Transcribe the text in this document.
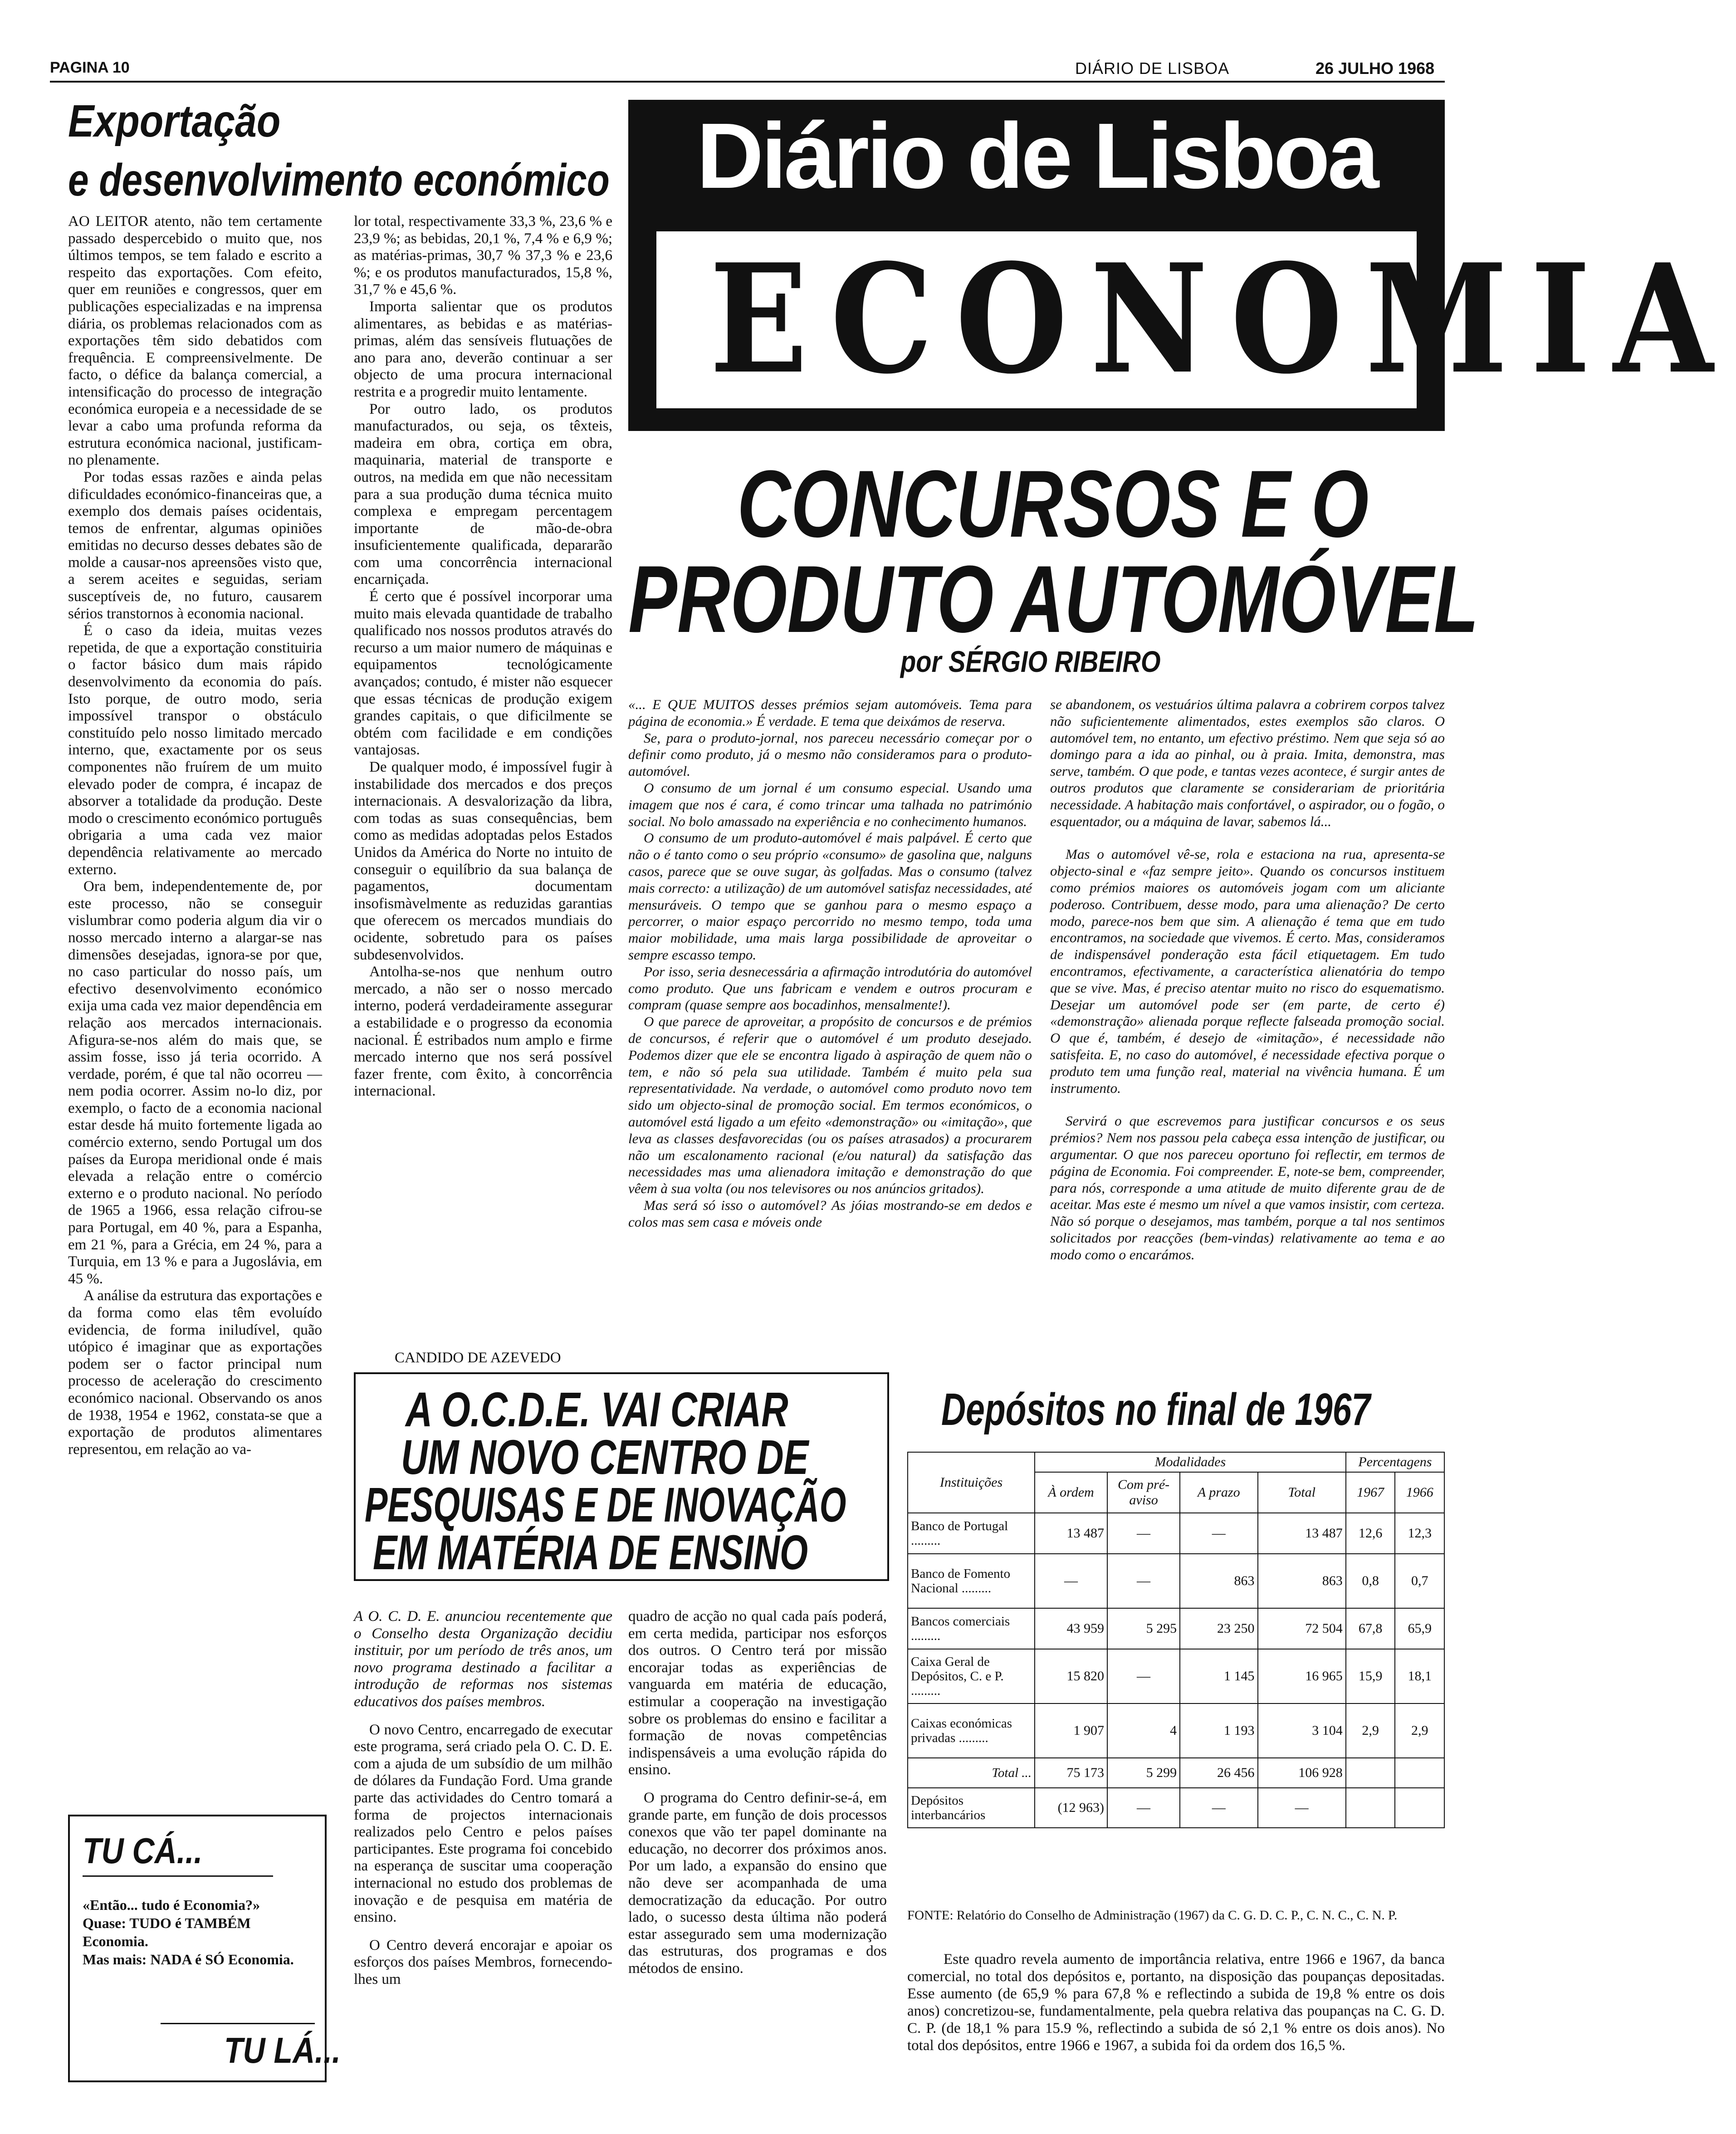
PAGINA 10	DIÁRIO DE LISBOA	26 JULHO 1968
Exportação
e desenvolvimento económico

AO LEITOR atento, não tem certamente passado despercebido o muito que, nos últimos tempos, se tem falado e escrito a respeito das exportações. Com efeito, quer em reuniões e congressos, quer em publicações especializadas e na imprensa diária, os problemas relacionados com as exportações têm sido debatidos com frequência. E compreensivelmente. De facto, o défice da balança comercial, a intensificação do processo de integração económica europeia e a necessidade de se levar a cabo uma profunda reforma da estrutura económica nacional, justificam-no plenamente.

Por todas essas razões e ainda pelas dificuldades económico-financeiras que, a exemplo dos demais países ocidentais, temos de enfrentar, algumas opiniões emitidas no decurso desses debates são de molde a causar-nos apreensões visto que, a serem aceites e seguidas, seriam susceptíveis de, no futuro, causarem sérios transtornos à economia nacional.

É o caso da ideia, muitas vezes repetida, de que a exportação constituiria o factor básico dum mais rápido desenvolvimento da economia do país. Isto porque, de outro modo, seria impossível transpor o obstáculo constituído pelo nosso limitado mercado interno, que, exactamente por os seus componentes não fruírem de um muito elevado poder de compra, é incapaz de absorver a totalidade da produção. Deste modo o crescimento económico português obrigaria a uma cada vez maior dependência relativamente ao mercado externo.

Ora bem, independentemente de, por este processo, não se conseguir vislumbrar como poderia algum dia vir o nosso mercado interno a alargar-se nas dimensões desejadas, ignora-se por que, no caso particular do nosso país, um efectivo desenvolvimento económico exija uma cada vez maior dependência em relação aos mercados internacionais. Afigura-se-nos além do mais que, se assim fosse, isso já teria ocorrido. A verdade, porém, é que tal não ocorreu — nem podia ocorrer. Assim no-lo diz, por exemplo, o facto de a economia nacional estar desde há muito fortemente ligada ao comércio externo, sendo Portugal um dos países da Europa meridional onde é mais elevada a relação entre o comércio externo e o produto nacional. No período de 1965 a 1966, essa relação cifrou-se para Portugal, em 40 %, para a Espanha, em 21 %, para a Grécia, em 24 %, para a Turquia, em 13 % e para a Jugoslávia, em 45 %.

A análise da estrutura das exportações e da forma como elas têm evoluído evidencia, de forma iniludível, quão utópico é imaginar que as exportações podem ser o factor principal num processo de aceleração do crescimento económico nacional. Observando os anos de 1938, 1954 e 1962, constata-se que a exportação de produtos alimentares representou, em relação ao va-

lor total, respectivamente 33,3 %, 23,6 % e 23,9 %; as bebidas, 20,1 %, 7,4 % e 6,9 %; as matérias-primas, 30,7 % 37,3 % e 23,6 %; e os produtos manufacturados, 15,8 %, 31,7 % e 45,6 %.

Importa salientar que os produtos alimentares, as bebidas e as matérias-primas, além das sensíveis flutuações de ano para ano, deverão continuar a ser objecto de uma procura internacional restrita e a progredir muito lentamente.

Por outro lado, os produtos manufacturados, ou seja, os têxteis, madeira em obra, cortiça em obra, maquinaria, material de transporte e outros, na medida em que não necessitam para a sua produção duma técnica muito complexa e empregam percentagem importante de mão-de-obra insuficientemente qualificada, depararão com uma concorrência internacional encarniçada.

É certo que é possível incorporar uma muito mais elevada quantidade de trabalho qualificado nos nossos produtos através do recurso a um maior numero de máquinas e equipamentos tecnológicamente avançados; contudo, é mister não esquecer que essas técnicas de produção exigem grandes capitais, o que dificilmente se obtém com facilidade e em condições vantajosas.

De qualquer modo, é impossível fugir à instabilidade dos mercados e dos preços internacionais. A desvalorização da libra, com todas as suas consequências, bem como as medidas adoptadas pelos Estados Unidos da América do Norte no intuito de conseguir o equilíbrio da sua balança de pagamentos, documentam insofismàvelmente as reduzidas garantias que oferecem os mercados mundiais do ocidente, sobretudo para os países subdesenvolvidos.

Antolha-se-nos que nenhum outro mercado, a não ser o nosso mercado interno, poderá verdadeiramente assegurar a estabilidade e o progresso da economia nacional. É estribados num amplo e firme mercado interno que nos será possível fazer frente, com êxito, à concorrência internacional.

CANDIDO DE AZEVEDO
Diário de Lisboa
ECONOMIA
CONCURSOS E O
PRODUTO AUTOMÓVEL
por SÉRGIO RIBEIRO

«... E QUE MUITOS desses prémios sejam automóveis. Tema para página de economia.» É verdade. E tema que deixámos de reserva.

Se, para o produto-jornal, nos pareceu necessário começar por o definir como produto, já o mesmo não consideramos para o produto-automóvel.

O consumo de um jornal é um consumo especial. Usando uma imagem que nos é cara, é como trincar uma talhada no património social. No bolo amassado na experiência e no conhecimento humanos.

O consumo de um produto-automóvel é mais palpável. É certo que não o é tanto como o seu próprio «consumo» de gasolina que, nalguns casos, parece que se ouve sugar, às golfadas. Mas o consumo (talvez mais correcto: a utilização) de um automóvel satisfaz necessidades, até mensuráveis. O tempo que se ganhou para o mesmo espaço a percorrer, o maior espaço percorrido no mesmo tempo, toda uma maior mobilidade, uma mais larga possibilidade de aproveitar o sempre escasso tempo.

Por isso, seria desnecessária a afirmação introdutória do automóvel como produto. Que uns fabricam e vendem e outros procuram e compram (quase sempre aos bocadinhos, mensalmente!).

O que parece de aproveitar, a propósito de concursos e de prémios de concursos, é referir que o automóvel é um produto desejado. Podemos dizer que ele se encontra ligado à aspiração de quem não o tem, e não só pela sua utilidade. Também é muito pela sua representatividade. Na verdade, o automóvel como produto novo tem sido um objecto-sinal de promoção social. Em termos económicos, o automóvel está ligado a um efeito «demonstração» ou «imitação», que leva as classes desfavorecidas (ou os países atrasados) a procurarem não um escalonamento racional (e/ou natural) da satisfação das necessidades mas uma alienadora imitação e demonstração do que vêem à sua volta (ou nos televisores ou nos anúncios gritados).

Mas será só isso o automóvel? As jóias mostrando-se em dedos e colos mas sem casa e móveis onde

se abandonem, os vestuários última palavra a cobrirem corpos talvez não suficientemente alimentados, estes exemplos são claros. O automóvel tem, no entanto, um efectivo préstimo. Nem que seja só ao domingo para a ida ao pinhal, ou à praia. Imita, demonstra, mas serve, também. O que pode, e tantas vezes acontece, é surgir antes de outros produtos que claramente se considerariam de prioritária necessidade. A habitação mais confortável, o aspirador, ou o fogão, o esquentador, ou a máquina de lavar, sabemos lá...

Mas o automóvel vê-se, rola e estaciona na rua, apresenta-se objecto-sinal e «faz sempre jeito». Quando os concursos instituem como prémios maiores os automóveis jogam com um aliciante poderoso. Contribuem, desse modo, para uma alienação? De certo modo, parece-nos bem que sim. A alienação é tema que em tudo encontramos, na sociedade que vivemos. É certo. Mas, consideramos de indispensável ponderação esta fácil etiquetagem. Em tudo encontramos, efectivamente, a característica alienatória do tempo que se vive. Mas, é preciso atentar muito no risco do esquematismo. Desejar um automóvel pode ser (em parte, de certo é) «demonstração» alienada porque reflecte falseada promoção social. O que é, também, é desejo de «imitação», é necessidade não satisfeita. E, no caso do automóvel, é necessidade efectiva porque o produto tem uma função real, material na vivência humana. É um instrumento.

Servirá o que escrevemos para justificar concursos e os seus prémios? Nem nos passou pela cabeça essa intenção de justificar, ou argumentar. O que nos pareceu oportuno foi reflectir, em termos de página de Economia. Foi compreender. E, note-se bem, compreender, para nós, corresponde a uma atitude de muito diferente grau de de aceitar. Mas este é mesmo um nível a que vamos insistir, com certeza. Não só porque o desejamos, mas também, porque a tal nos sentimos solicitados por reacções (bem-vindas) relativamente ao tema e ao modo como o encarámos.

A O.C.D.E. VAI CRIAR
UM NOVO CENTRO DE
PESQUISAS E DE INOVAÇÃO
EM MATÉRIA DE ENSINO

A O. C. D. E. anunciou recentemente que o Conselho desta Organização decidiu instituir, por um período de três anos, um novo programa destinado a facilitar a introdução de reformas nos sistemas educativos dos países membros.

O novo Centro, encarregado de executar este programa, será criado pela O. C. D. E. com a ajuda de um subsídio de um milhão de dólares da Fundação Ford. Uma grande parte das actividades do Centro tomará a forma de projectos internacionais realizados pelo Centro e pelos países participantes. Este programa foi concebido na esperança de suscitar uma cooperação internacional no estudo dos problemas de inovação e de pesquisa em matéria de ensino.

O Centro deverá encorajar e apoiar os esforços dos países Membros, fornecendo-lhes um

quadro de acção no qual cada país poderá, em certa medida, participar nos esforços dos outros. O Centro terá por missão encorajar todas as experiências de vanguarda em matéria de educação, estimular a cooperação na investigação sobre os problemas do ensino e facilitar a formação de novas competências indispensáveis a uma evolução rápida do ensino.

O programa do Centro definir-se-á, em grande parte, em função de dois processos conexos que vão ter papel dominante na educação, no decorrer dos próximos anos. Por um lado, a expansão do ensino que não deve ser acompanhada de uma democratização da educação. Por outro lado, o sucesso desta última não poderá estar assegurado sem uma modernização das estruturas, dos programas e dos métodos de ensino.

TU CÁ...
«Então... tudo é Economia?»
Quase: TUDO é TAMBÉM Economia.
Mas mais: NADA é SÓ Economia.
TU LÁ...
Depósitos no final de 1967
Instituições	Modalidades				Percentagens	
	À ordem	Com pré-aviso	A prazo	Total	1967	1966
Banco de Portugal .........	13 487	—	—	13 487	12,6	12,3
Banco de Fomento Nacional .........	—	—	863	863	0,8	0,7
Bancos comerciais .........	43 959	5 295	23 250	72 504	67,8	65,9
Caixa Geral de Depósitos, C. e P. .........	15 820	—	1 145	16 965	15,9	18,1
Caixas económicas privadas .........	1 907	4	1 193	3 104	2,9	2,9
Total ...	75 173	5 299	26 456	106 928		
Depósitos interbancários	(12 963)	—	—	—		
FONTE: Relatório do Conselho de Administração (1967) da C. G. D. C. P., C. N. C., C. N. P.

Este quadro revela aumento de importância relativa, entre 1966 e 1967, da banca comercial, no total dos depósitos e, portanto, na disposição das poupanças depositadas. Esse aumento (de 65,9 % para 67,8 % e reflectindo a subida de 19,8 % entre os dois anos) concretizou-se, fundamentalmente, pela quebra relativa das poupanças na C. G. D. C. P. (de 18,1 % para 15.9 %, reflectindo a subida de só 2,1 % entre os dois anos). No total dos depósitos, entre 1966 e 1967, a subida foi da ordem dos 16,5 %.
